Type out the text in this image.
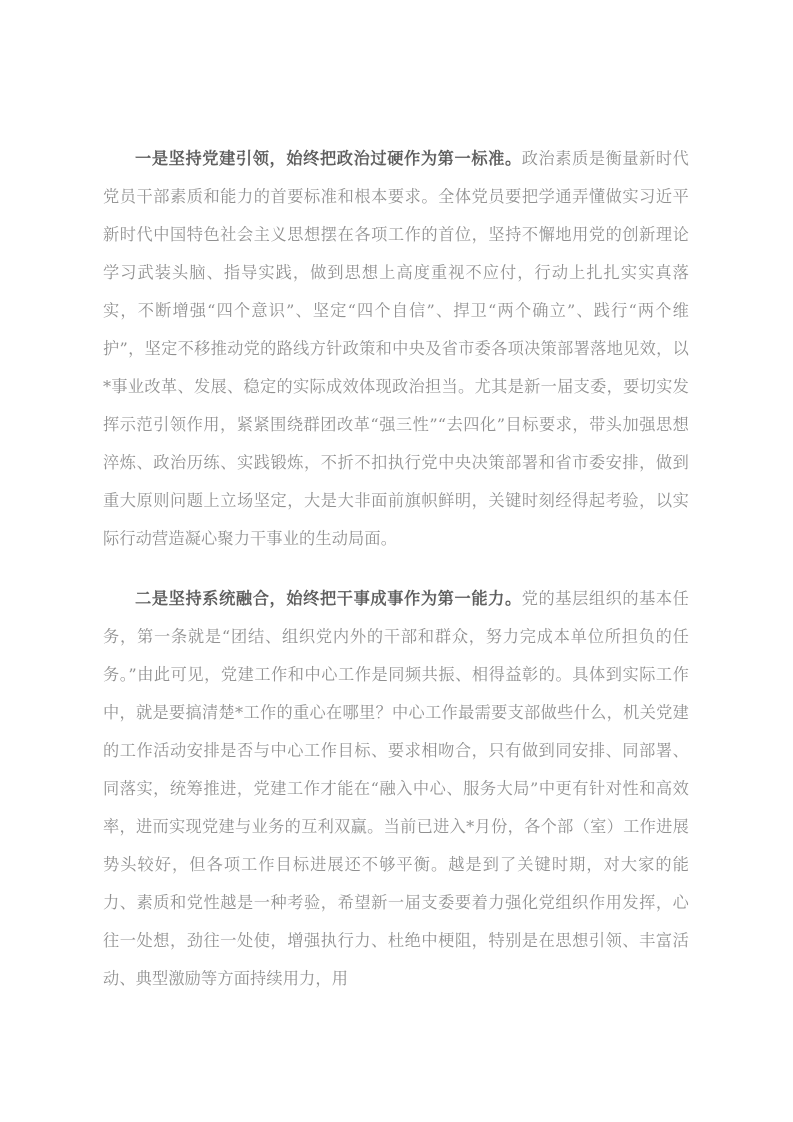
一是坚持党建引领，始终把政治过硬作为第一标准。政治素质是衡量新时代党员干部素质和能力的首要标准和根本要求。全体党员要把学通弄懂做实习近平新时代中国特色社会主义思想摆在各项工作的首位，坚持不懈地用党的创新理论学习武装头脑、指导实践，做到思想上高度重视不应付，行动上扎扎实实真落实，不断增强“四个意识”、坚定“四个自信”、捍卫“两个确立”、践行“两个维护”，坚定不移推动党的路线方针政策和中央及省市委各项决策部署落地见效，以*事业改革、发展、稳定的实际成效体现政治担当。尤其是新一届支委，要切实发挥示范引领作用，紧紧围绕群团改革“强三性”“去四化”目标要求，带头加强思想淬炼、政治历练、实践锻炼，不折不扣执行党中央决策部署和省市委安排，做到重大原则问题上立场坚定，大是大非面前旗帜鲜明，关键时刻经得起考验，以实际行动营造凝心聚力干事业的生动局面。

二是坚持系统融合，始终把干事成事作为第一能力。党的基层组织的基本任务，第一条就是“团结、组织党内外的干部和群众，努力完成本单位所担负的任务。”由此可见，党建工作和中心工作是同频共振、相得益彰的。具体到实际工作中，就是要搞清楚*工作的重心在哪里？中心工作最需要支部做些什么，机关党建的工作活动安排是否与中心工作目标、要求相吻合，只有做到同安排、同部署、同落实，统筹推进，党建工作才能在“融入中心、服务大局”中更有针对性和高效率，进而实现党建与业务的互利双赢。当前已进入*月份，各个部（室）工作进展势头较好，但各项工作目标进展还不够平衡。越是到了关键时期，对大家的能力、素质和党性越是一种考验，希望新一届支委要着力强化党组织作用发挥，心往一处想，劲往一处使，增强执行力、杜绝中梗阻，特别是在思想引领、丰富活动、典型激励等方面持续用力，用
